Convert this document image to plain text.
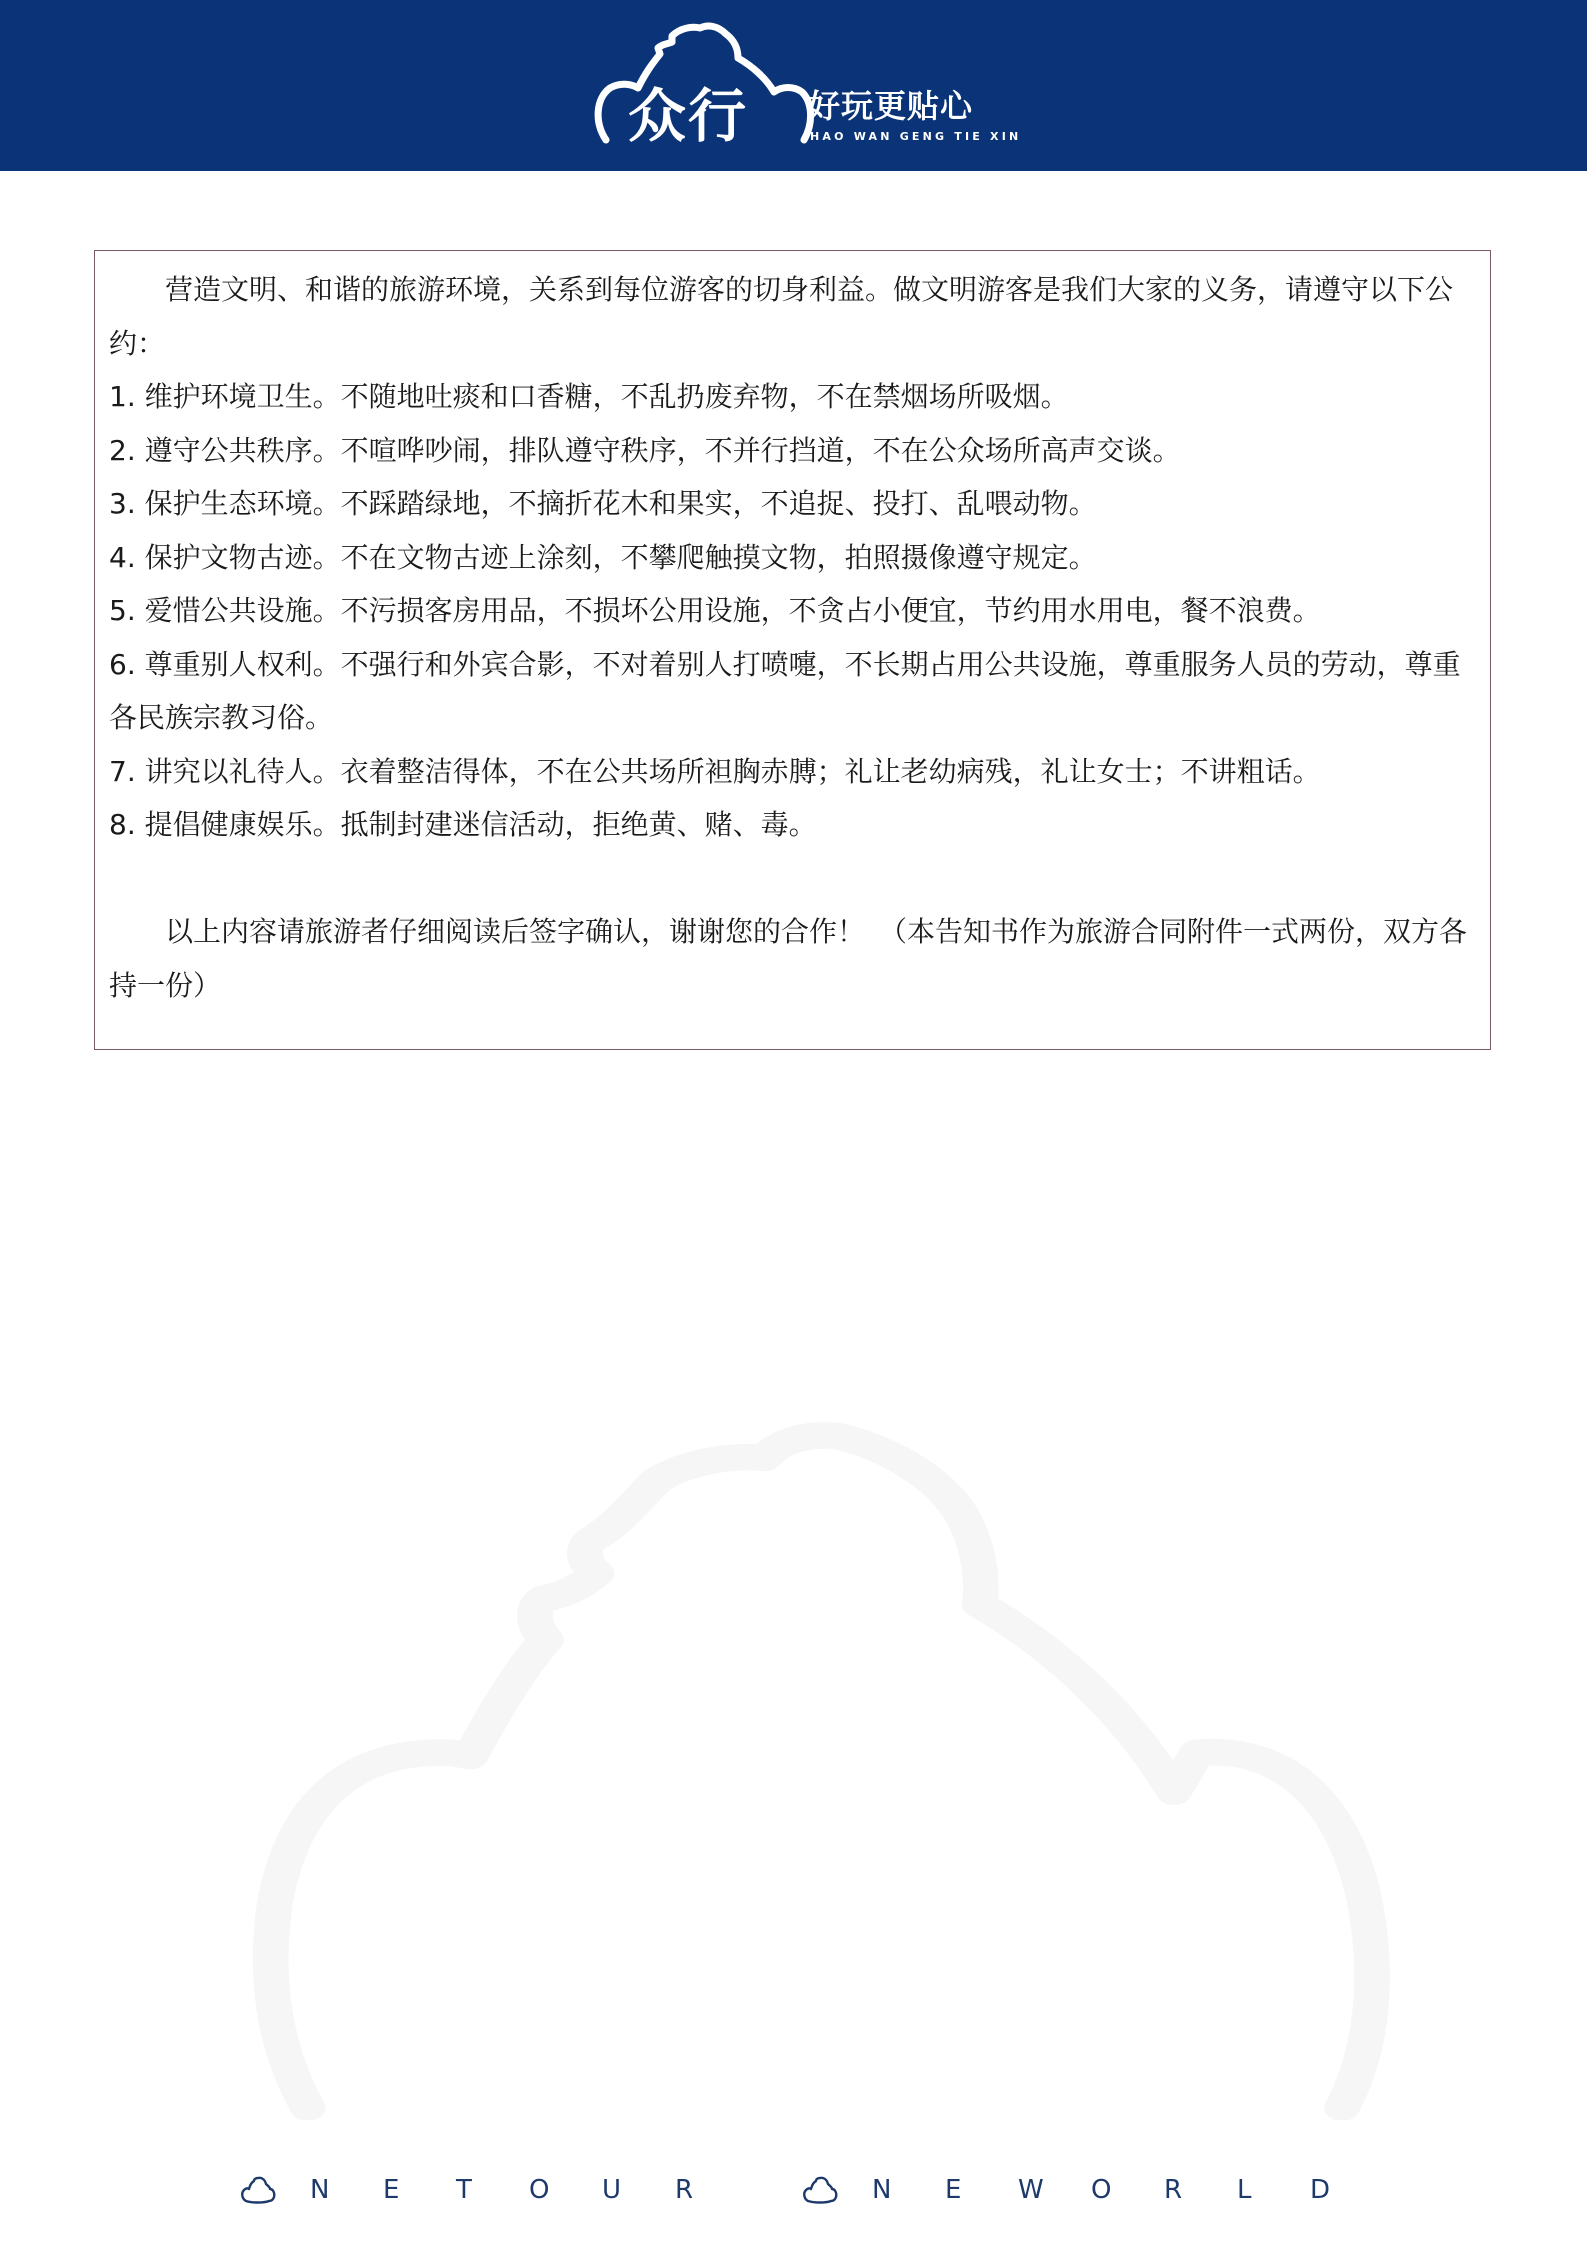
众行 好玩更贴心
HAO WAN GENG TIE XIN

营造文明、和谐的旅游环境，关系到每位游客的切身利益。做文明游客是我们大家的义务，请遵守以下公约：

1. 维护环境卫生。不随地吐痰和口香糖，不乱扔废弃物，不在禁烟场所吸烟。

2. 遵守公共秩序。不喧哗吵闹，排队遵守秩序，不并行挡道，不在公众场所高声交谈。

3. 保护生态环境。不踩踏绿地，不摘折花木和果实，不追捉、投打、乱喂动物。

4. 保护文物古迹。不在文物古迹上涂刻，不攀爬触摸文物，拍照摄像遵守规定。

5. 爱惜公共设施。不污损客房用品，不损坏公用设施，不贪占小便宜，节约用水用电，餐不浪费。

6. 尊重别人权利。不强行和外宾合影，不对着别人打喷嚏，不长期占用公共设施，尊重服务人员的劳动，尊重各民族宗教习俗。

7. 讲究以礼待人。衣着整洁得体，不在公共场所袒胸赤膊；礼让老幼病残，礼让女士；不讲粗话。

8. 提倡健康娱乐。抵制封建迷信活动，拒绝黄、赌、毒。

以上内容请旅游者仔细阅读后签字确认，谢谢您的合作！　（本告知书作为旅游合同附件一式两份，双方各持一份）

N	E	T	O	U	R	N	E	W	O	R	L	D
